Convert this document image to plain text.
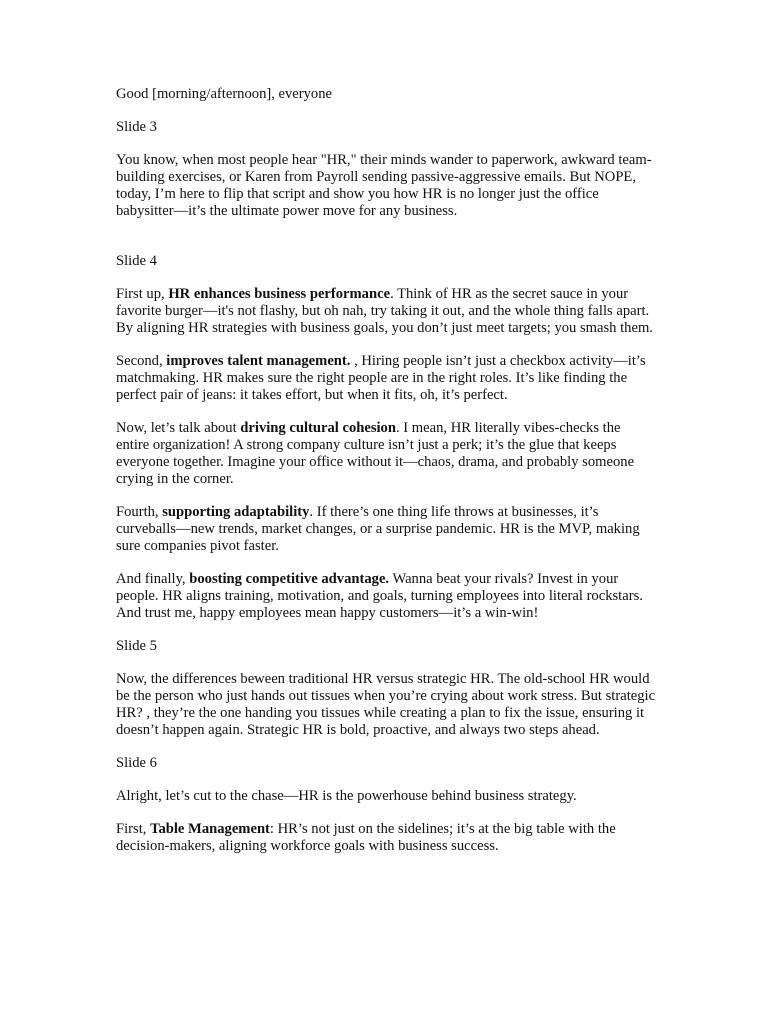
Good [morning/afternoon], everyone

Slide 3

You know, when most people hear "HR," their minds wander to paperwork, awkward team-building exercises, or Karen from Payroll sending passive-aggressive emails. But NOPE, today, I’m here to flip that script and show you how HR is no longer just the office babysitter—it’s the ultimate power move for any business.

Slide 4

First up, HR enhances business performance. Think of HR as the secret sauce in your favorite burger—it's not flashy, but oh nah, try taking it out, and the whole thing falls apart. By aligning HR strategies with business goals, you don’t just meet targets; you smash them.

Second, improves talent management. , Hiring people isn’t just a checkbox activity—it’s matchmaking. HR makes sure the right people are in the right roles. It’s like finding the perfect pair of jeans: it takes effort, but when it fits, oh, it’s perfect.

Now, let’s talk about driving cultural cohesion. I mean, HR literally vibes-checks the entire organization! A strong company culture isn’t just a perk; it’s the glue that keeps everyone together. Imagine your office without it—chaos, drama, and probably someone crying in the corner.

Fourth, supporting adaptability. If there’s one thing life throws at businesses, it’s curveballs—new trends, market changes, or a surprise pandemic. HR is the MVP, making sure companies pivot faster.

And finally, boosting competitive advantage. Wanna beat your rivals? Invest in your people. HR aligns training, motivation, and goals, turning employees into literal rockstars. And trust me, happy employees mean happy customers—it’s a win-win!

Slide 5

Now, the differences beween traditional HR versus strategic HR. The old-school HR would be the person who just hands out tissues when you’re crying about work stress. But strategic HR? , they’re the one handing you tissues while creating a plan to fix the issue, ensuring it doesn’t happen again. Strategic HR is bold, proactive, and always two steps ahead.

Slide 6

Alright, let’s cut to the chase—HR is the powerhouse behind business strategy.

First, Table Management: HR’s not just on the sidelines; it’s at the big table with the decision-makers, aligning workforce goals with business success.
